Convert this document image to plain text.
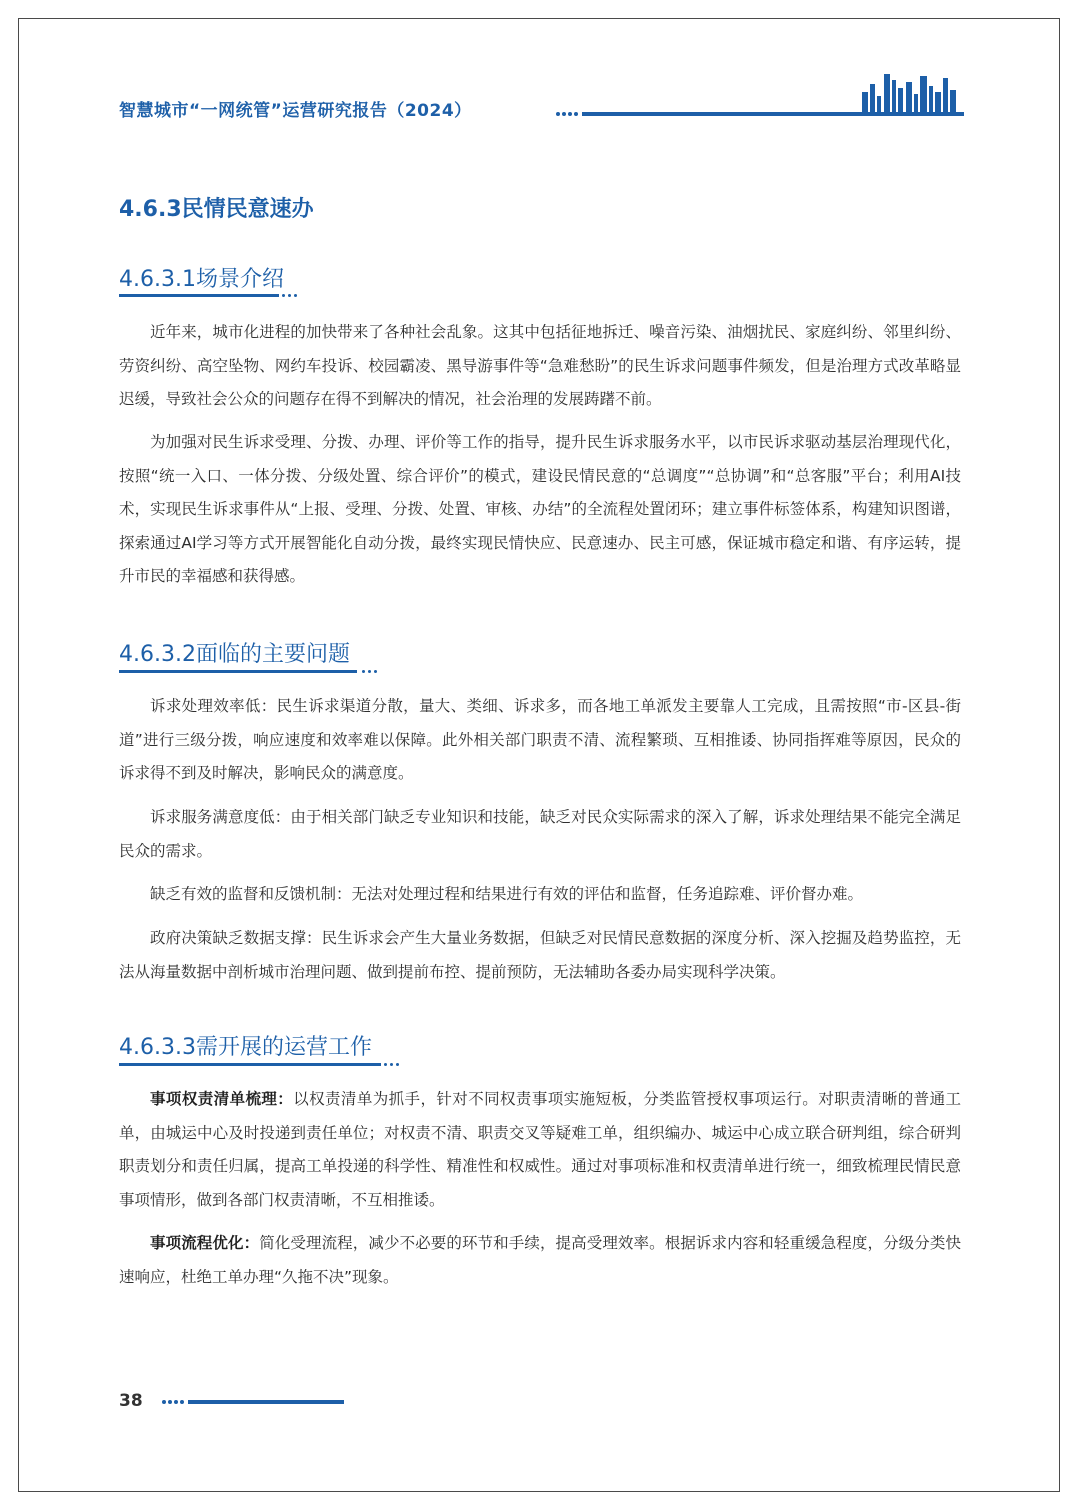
智慧城市“一网统管”运营研究报告（2024）
4.6.3民情民意速办
4.6.3.1场景介绍

近年来，城市化进程的加快带来了各种社会乱象。这其中包括征地拆迁、噪音污染、油烟扰民、家庭纠纷、邻里纠纷、劳资纠纷、高空坠物、网约车投诉、校园霸凌、黑导游事件等“急难愁盼”的民生诉求问题事件频发，但是治理方式改革略显迟缓，导致社会公众的问题存在得不到解决的情况，社会治理的发展踌躇不前。

为加强对民生诉求受理、分拨、办理、评价等工作的指导，提升民生诉求服务水平，以市民诉求驱动基层治理现代化，按照“统一入口、一体分拨、分级处置、综合评价”的模式，建设民情民意的“总调度”“总协调”和“总客服”平台；利用AI技术，实现民生诉求事件从“上报、受理、分拨、处置、审核、办结”的全流程处置闭环；建立事件标签体系，构建知识图谱，探索通过AI学习等方式开展智能化自动分拨，最终实现民情快应、民意速办、民主可感，保证城市稳定和谐、有序运转，提升市民的幸福感和获得感。

4.6.3.2面临的主要问题

诉求处理效率低：民生诉求渠道分散，量大、类细、诉求多，而各地工单派发主要靠人工完成，且需按照“市-区县-街道”进行三级分拨，响应速度和效率难以保障。此外相关部门职责不清、流程繁琐、互相推诿、协同指挥难等原因，民众的诉求得不到及时解决，影响民众的满意度。

诉求服务满意度低：由于相关部门缺乏专业知识和技能，缺乏对民众实际需求的深入了解，诉求处理结果不能完全满足民众的需求。

缺乏有效的监督和反馈机制：无法对处理过程和结果进行有效的评估和监督，任务追踪难、评价督办难。

政府决策缺乏数据支撑：民生诉求会产生大量业务数据，但缺乏对民情民意数据的深度分析、深入挖掘及趋势监控，无法从海量数据中剖析城市治理问题、做到提前布控、提前预防，无法辅助各委办局实现科学决策。

4.6.3.3需开展的运营工作

事项权责清单梳理：以权责清单为抓手，针对不同权责事项实施短板，分类监管授权事项运行。对职责清晰的普通工单，由城运中心及时投递到责任单位；对权责不清、职责交叉等疑难工单，组织编办、城运中心成立联合研判组，综合研判职责划分和责任归属，提高工单投递的科学性、精准性和权威性。通过对事项标准和权责清单进行统一，细致梳理民情民意事项情形，做到各部门权责清晰，不互相推诿。

事项流程优化：简化受理流程，减少不必要的环节和手续，提高受理效率。根据诉求内容和轻重缓急程度，分级分类快速响应，杜绝工单办理“久拖不决”现象。

38
